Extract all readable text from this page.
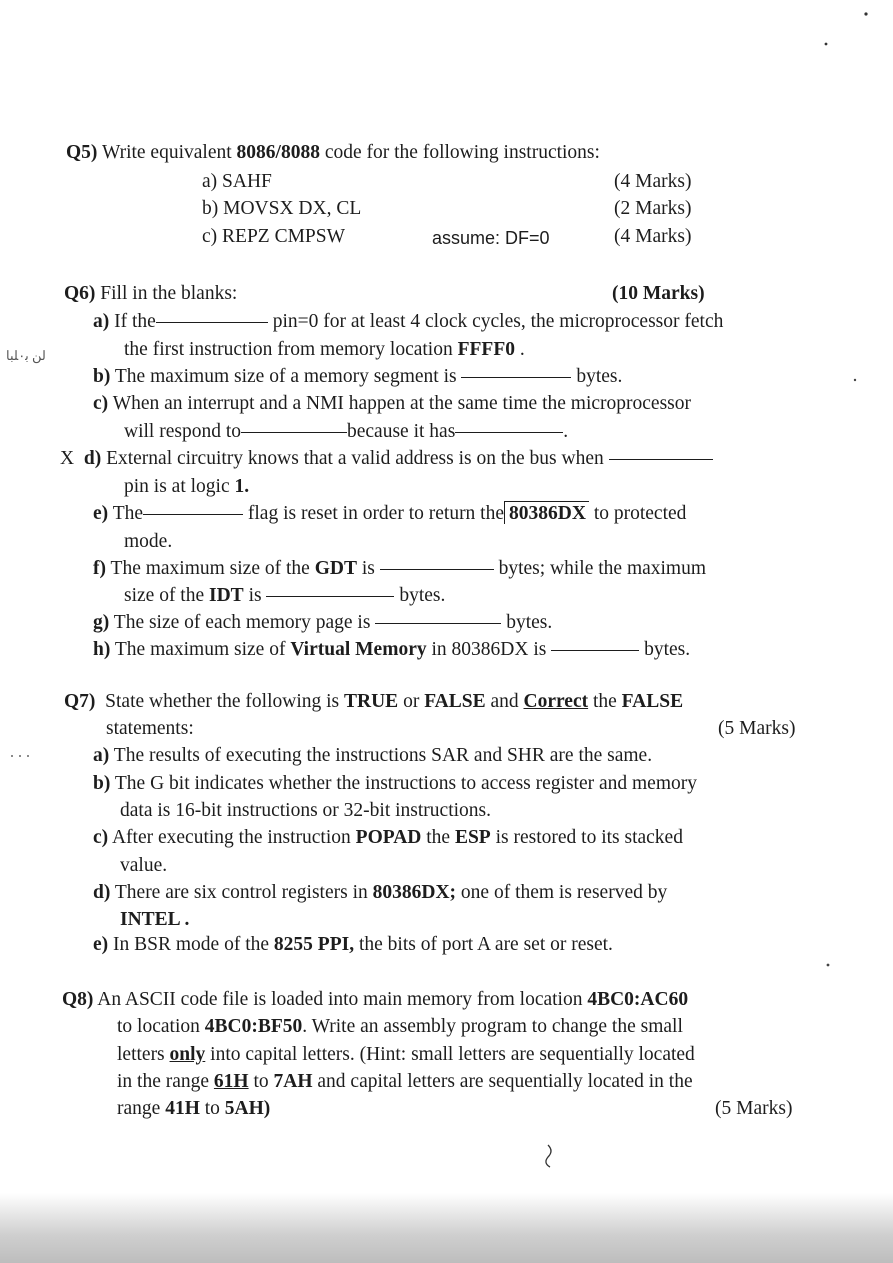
Q5) Write equivalent 8086/8088 code for the following instructions:
a) SAHF	(4 Marks)
b) MOVSX DX, CL	(2 Marks)
c) REPZ CMPSW	assume: DF=0	(4 Marks)
Q6) Fill in the blanks:	(10 Marks)
a) If the	pin=0 for at least 4 clock cycles, the microprocessor fetch
the first instruction from memory location FFFF0 .
b) The maximum size of a memory segment is	bytes.
c) When an interrupt and a NMI happen at the same time the microprocessor
will respond to	because it has	.
X d) External circuitry knows that a valid address is on the bus when
pin is at logic 1.
e) The	flag is reset in order to return the 80386DX to protected
mode.
f) The maximum size of the GDT is	bytes; while the maximum
size of the IDT is	bytes.
g) The size of each memory page is	bytes.
h) The maximum size of Virtual Memory in 80386DX is	bytes.
Q7) State whether the following is TRUE or FALSE and Correct the FALSE
statements:	(5 Marks)
a) The results of executing the instructions SAR and SHR are the same.
b) The G bit indicates whether the instructions to access register and memory
data is 16-bit instructions or 32-bit instructions.
c) After executing the instruction POPAD the ESP is restored to its stacked
value.
d) There are six control registers in 80386DX; one of them is reserved by
INTEL .
e) In BSR mode of the 8255 PPI, the bits of port A are set or reset.
Q8) An ASCII code file is loaded into main memory from location 4BC0:AC60
to location 4BC0:BF50. Write an assembly program to change the small
letters only into capital letters. (Hint: small letters are sequentially located
in the range 61H to 7AH and capital letters are sequentially located in the
range 41H to 5AH)	(5 Marks)
ﻟﻦ ﺑ۰ﻠﺒﺎ
